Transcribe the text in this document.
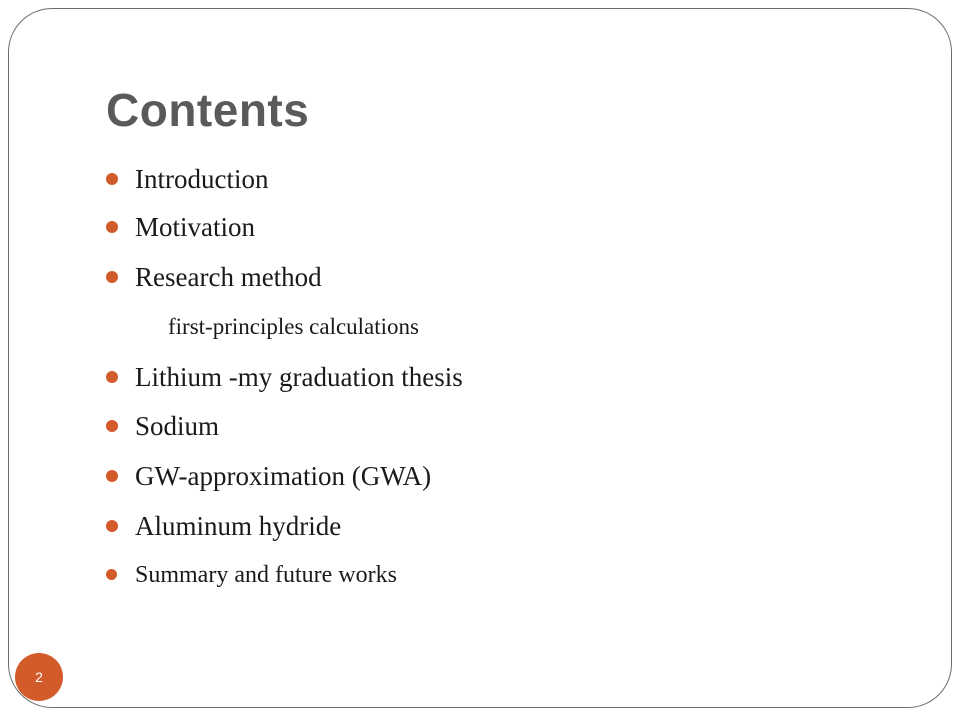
Contents
Introduction
Motivation
Research method
Lithium -my graduation thesis
Sodium
GW-approximation (GWA)
Aluminum hydride
Summary and future works
first-principles calculations
2
